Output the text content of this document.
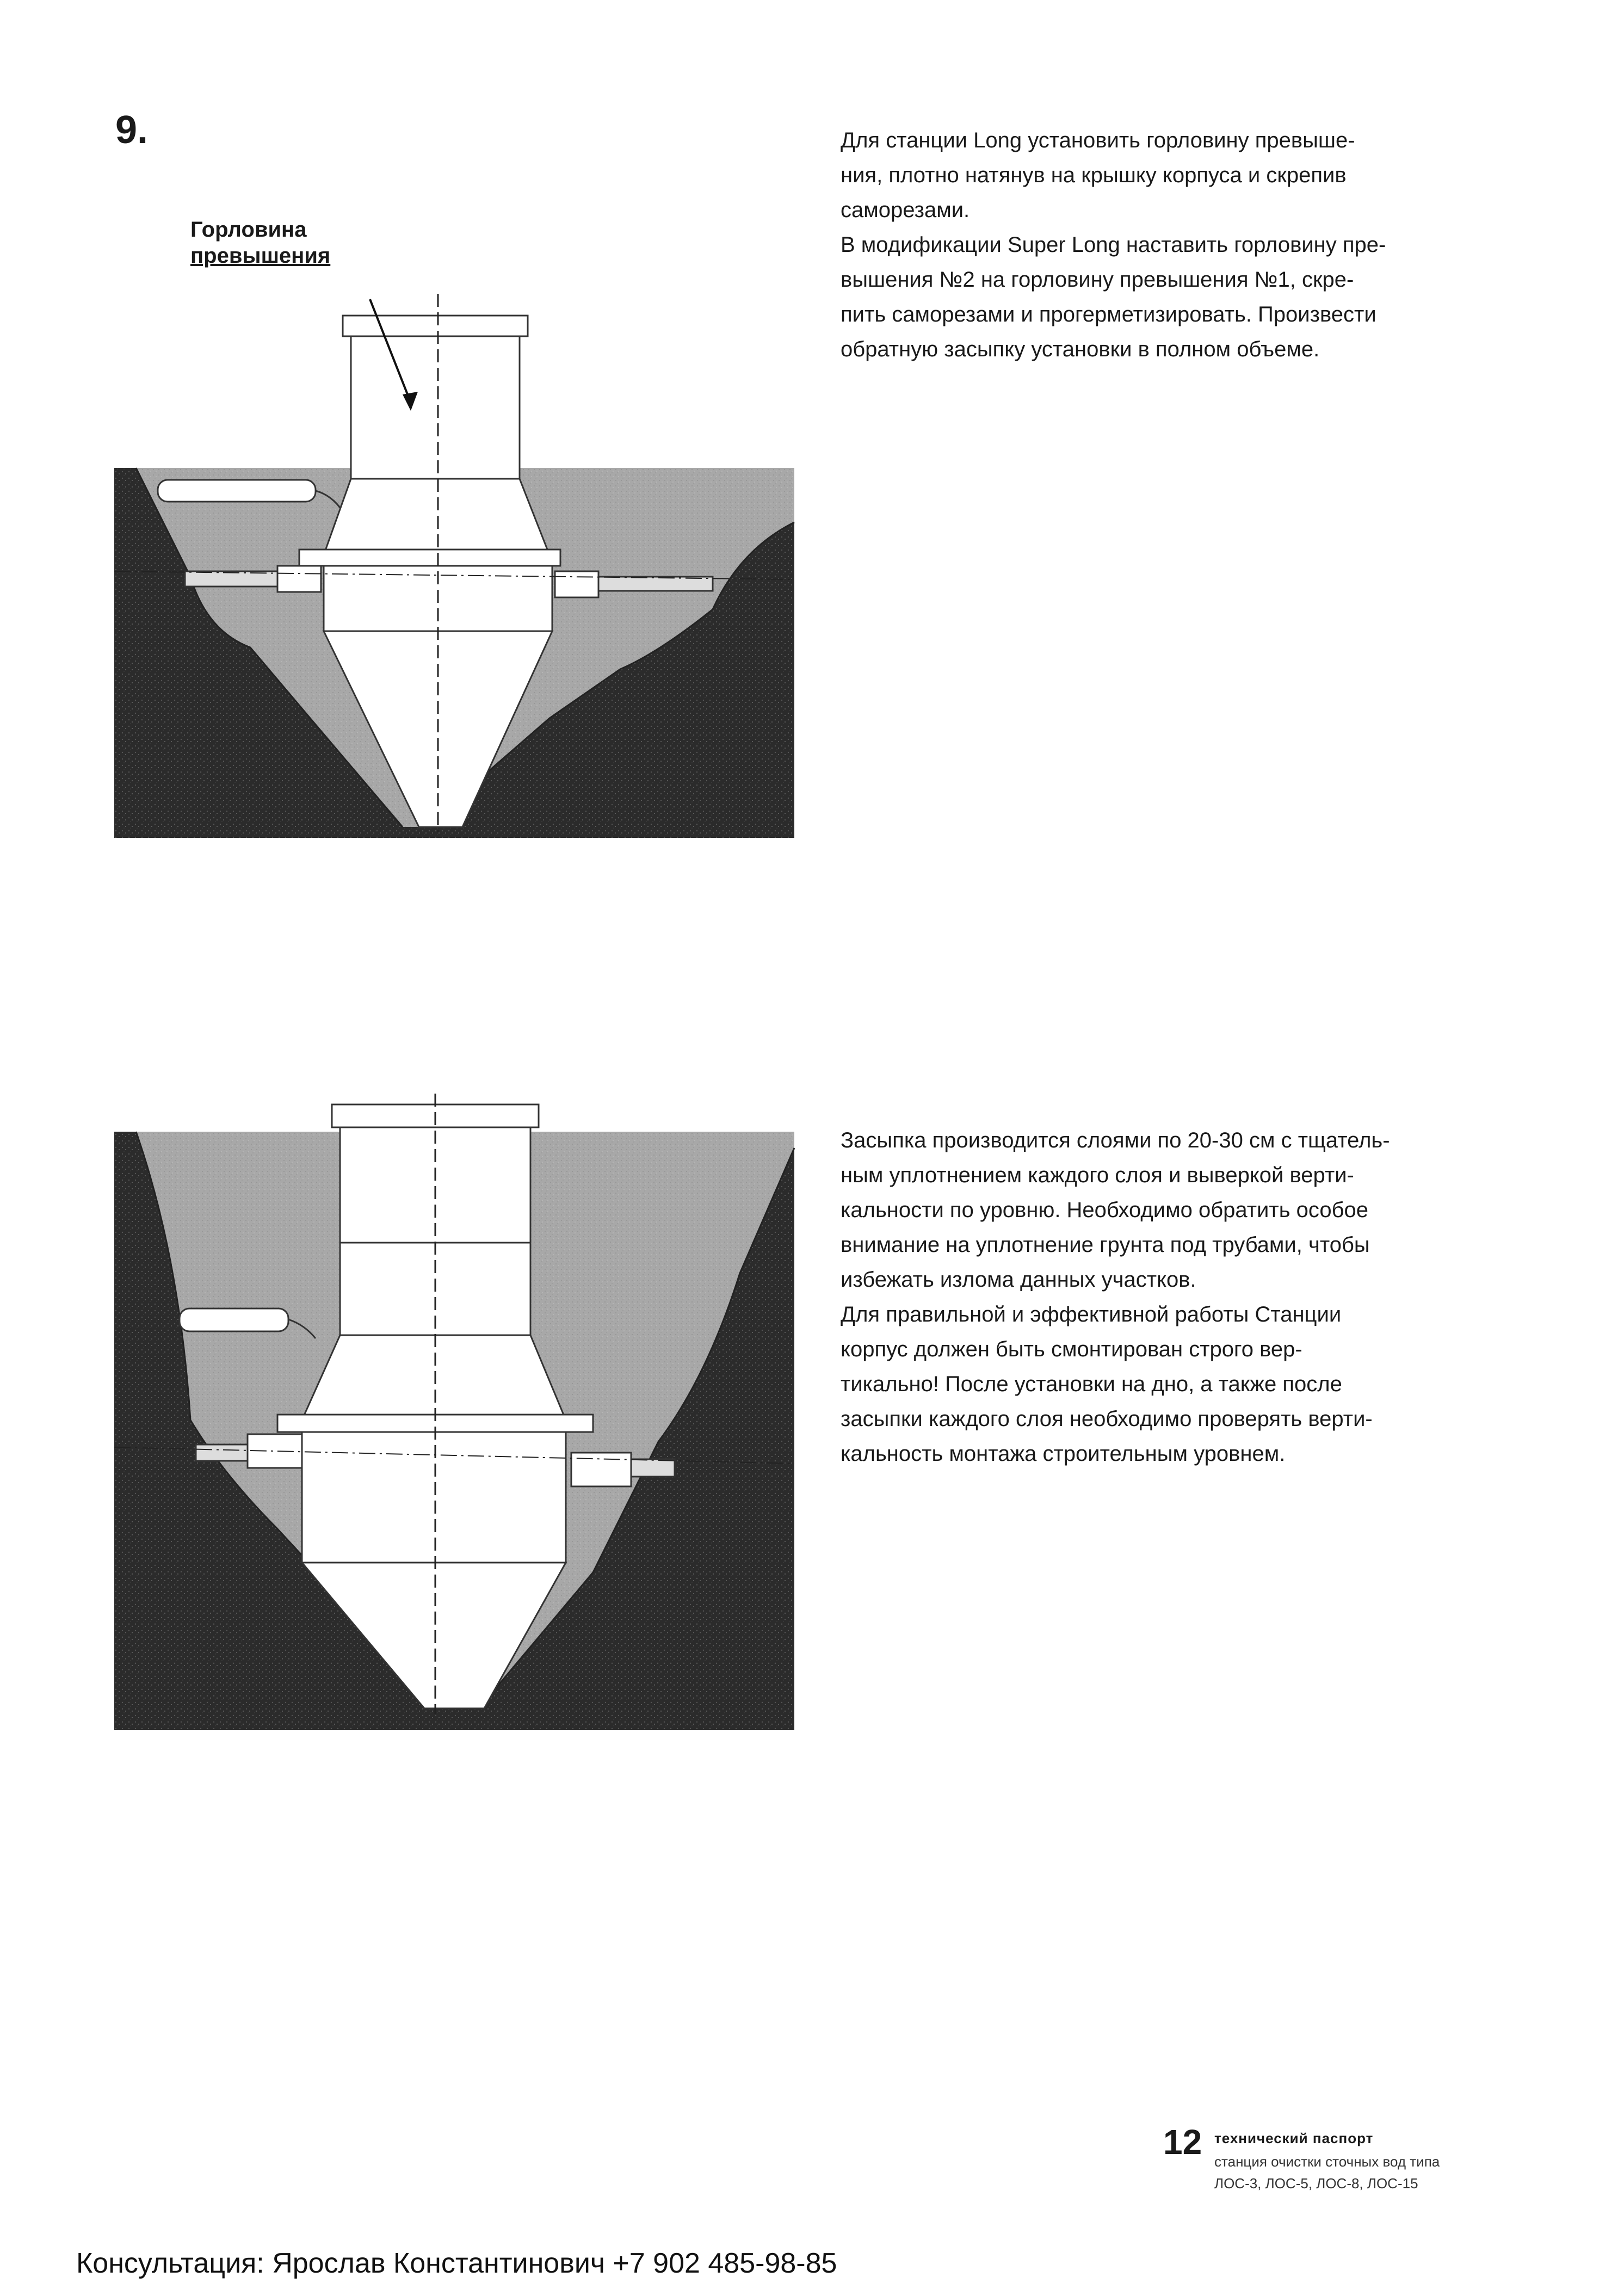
9.
Горловина
превышения
Для станции Long установить горловину превыше-
ния, плотно натянув на крышку корпуса и скрепив
саморезами.
В модификации Super Long наставить горловину пре-
вышения №2 на горловину превышения №1, скре-
пить саморезами и прогерметизировать. Произвести
обратную засыпку установки в полном объеме.
Засыпка производится слоями по 20-30 см с тщатель-
ным уплотнением каждого слоя и выверкой верти-
кальности по уровню. Необходимо обратить особое
внимание на уплотнение грунта под трубами, чтобы
избежать излома данных участков.
Для правильной и эффективной работы Станции
корпус должен быть смонтирован строго вер-
тикально! После установки на дно, а также после
засыпки каждого слоя необходимо проверять верти-
кальность монтажа строительным уровнем.
12 технический паспорт
станция очистки сточных вод типа
ЛОС-3, ЛОС-5, ЛОС-8, ЛОС-15
Консультация: Ярослав Константинович +7 902 485-98-85
